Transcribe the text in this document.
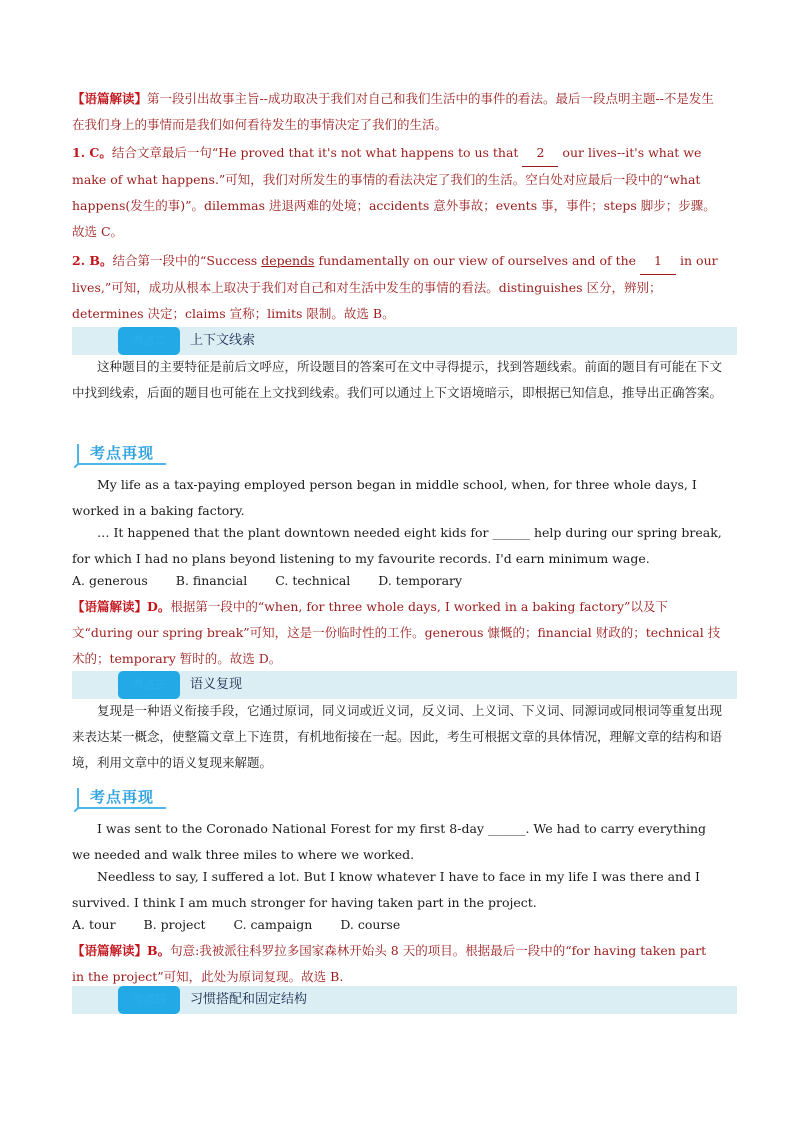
【语篇解读】第一段引出故事主旨--成功取决于我们对自己和我们生活中的事件的看法。最后一段点明主题--不是发生在我们身上的事情而是我们如何看待发生的事情决定了我们的生活。

1. C。结合文章最后一句“He proved that it's not what happens to us that 2 our lives--it's what we make of what happens.”可知，我们对所发生的事情的看法决定了我们的生活。空白处对应最后一段中的“what happens(发生的事)”。dilemmas 进退两难的处境；accidents 意外事故；events 事，事件；steps 脚步；步骤。故选 C。

2. B。结合第一段中的“Success depends fundamentally on our view of ourselves and of the 1 in our lives,”可知，成功从根本上取决于我们对自己和对生活中发生的事情的看法。distinguishes 区分，辨别；determines 决定；claims 宣称；limits 限制。故选 B。

考点二	上下文线索

这种题目的主要特征是前后文呼应，所设题目的答案可在文中寻得提示，找到答题线索。前面的题目有可能在下文中找到线索，后面的题目也可能在上文找到线索。我们可以通过上下文语境暗示，即根据已知信息，推导出正确答案。

考点再现

My life as a tax-paying employed person began in middle school, when, for three whole days, I worked in a baking factory.

… It happened that the plant downtown needed eight kids for ______ help during our spring break, for which I had no plans beyond listening to my favourite records. I'd earn minimum wage.

A. generous B. financial C. technical D. temporary

【语篇解读】D。根据第一段中的“when, for three whole days, I worked in a baking factory”以及下文“during our spring break”可知，这是一份临时性的工作。generous 慷慨的；financial 财政的；technical 技术的；temporary 暂时的。故选 D。

考点三	语义复现

复现是一种语义衔接手段，它通过原词，同义词或近义词，反义词、上义词、下义词、同源词或同根词等重复出现来表达某一概念，使整篇文章上下连贯，有机地衔接在一起。因此，考生可根据文章的具体情况，理解文章的结构和语境，利用文章中的语义复现来解题。

考点再现

I was sent to the Coronado National Forest for my first 8-day ______. We had to carry everything we needed and walk three miles to where we worked.

Needless to say, I suffered a lot. But I know whatever I have to face in my life I was there and I survived. I think I am much stronger for having taken part in the project.

A. tour B. project C. campaign D. course

【语篇解读】B。句意:我被派往科罗拉多国家森林开始头 8 天的项目。根据最后一段中的“for having taken part in the project”可知，此处为原词复现。故选 B.

考点四	习惯搭配和固定结构
